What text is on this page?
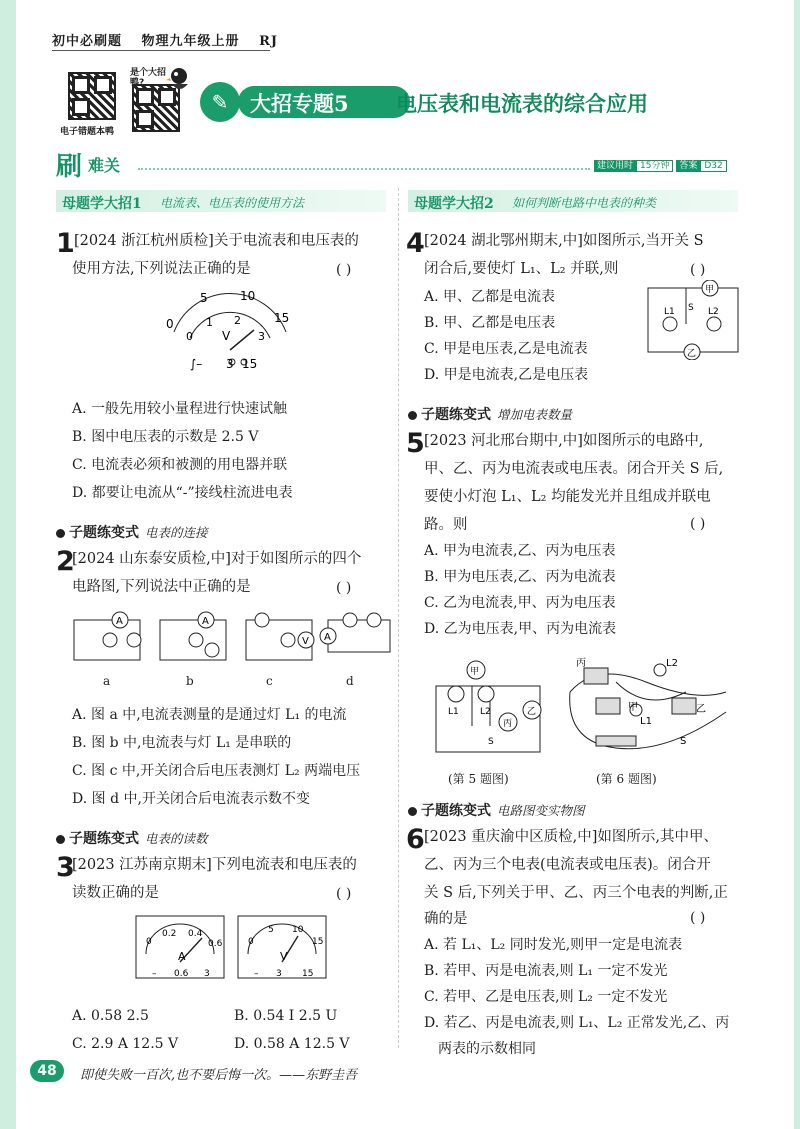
初中必刷题 物理九年级上册 RJ
电子错题本鸭
是个大招鸭?
✎	大招专题5 电压表和电流表的综合应用
刷 难关	建议用时 15分钟 答案 D32
母题学大招1 电流表、电压表的使用方法
1 [2024 浙江杭州质检]关于电流表和电压表的
使用方法,下列说法正确的是	( )
0
5	10
15
0
1 2
3
V
∫– 3 15
A. 一般先用较小量程进行快速试触
B. 图中电压表的示数是 2.5 V
C. 电流表必须和被测的用电器并联
D. 都要让电流从“-”接线柱流进电表
子题练变式 电表的连接
2
[2024 山东泰安质检,中]对于如图所示的四个
电路图,下列说法中正确的是	( )
A	A
V A
a	b	c	d
A. 图 a 中,电流表测量的是通过灯 L₁ 的电流
B. 图 b 中,电流表与灯 L₁ 是串联的
C. 图 c 中,开关闭合后电压表测灯 L₂ 两端电压
D. 图 d 中,开关闭合后电流表示数不变
子题练变式 电表的读数
3
[2023 江苏南京期末]下列电流表和电压表的
读数正确的是	( )
0
0.2 0.4
0.6
A
0
5 10
15
V
– 0.6 3	– 3 15
A. 0.58 2.5	B. 0.54 I 2.5 U
C. 2.9 A 12.5 V	D. 0.58 A 12.5 V
母题学大招2 如何判断电路中电表的种类
4 [2024 湖北鄂州期末,中]如图所示,当开关 S
闭合后,要使灯 L₁、L₂ 并联,则	( )
A. 甲、乙都是电流表
B. 甲、乙都是电压表
C. 甲是电压表,乙是电流表
D. 甲是电流表,乙是电压表
甲
乙
L1	L2
S
子题练变式 增加电表数量
5 [2023 河北邢台期中,中]如图所示的电路中,
甲、乙、丙为电流表或电压表。闭合开关 S 后,
要使小灯泡 L₁、L₂ 均能发光并且组成并联电
路。则	( )
A. 甲为电流表,乙、丙为电压表
B. 甲为电压表,乙、丙为电流表
C. 乙为电流表,甲、丙为电压表
D. 乙为电压表,甲、丙为电流表
甲
乙
丙
L1 L2
S
(第 5 题图)
丙
甲	乙
L2
L1
S
(第 6 题图)
子题练变式 电路图变实物图
6 [2023 重庆渝中区质检,中]如图所示,其中甲、
乙、丙为三个电表(电流表或电压表)。闭合开
关 S 后,下列关于甲、乙、丙三个电表的判断,正
确的是	( )
A. 若 L₁、L₂ 同时发光,则甲一定是电流表
B. 若甲、丙是电流表,则 L₁ 一定不发光
C. 若甲、乙是电压表,则 L₂ 一定不发光
D. 若乙、丙是电流表,则 L₁、L₂ 正常发光,乙、丙
两表的示数相同
48	即使失败一百次,也不要后悔一次。——东野圭吾
